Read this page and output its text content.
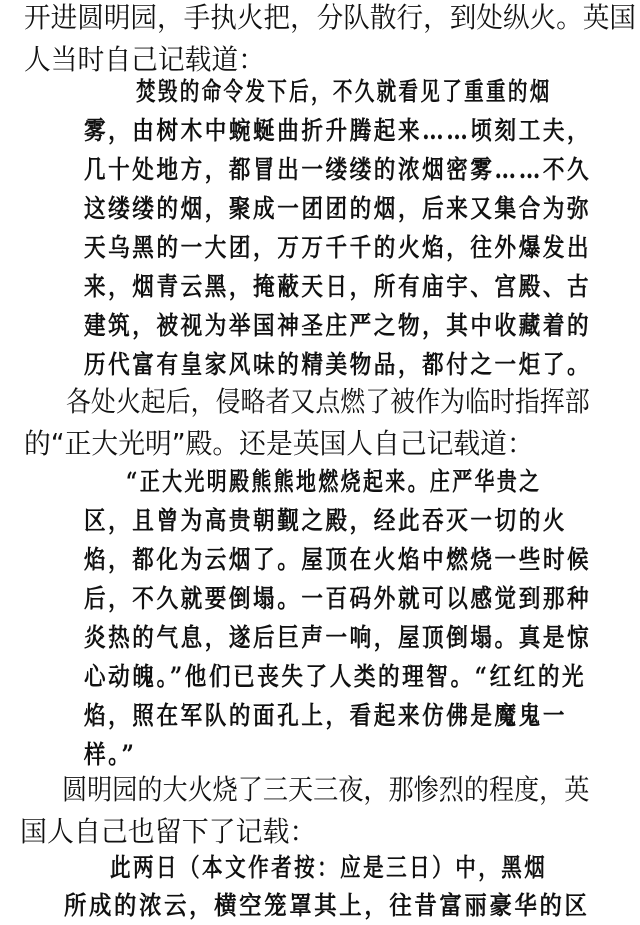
开进圆明园，手执火把，分队散行，到处纵火。英国
人当时自己记载道：
焚毁的命令发下后，不久就看见了重重的烟
雾，由树木中蜿蜒曲折升腾起来……顷刻工夫，
几十处地方，都冒出一缕缕的浓烟密雾……不久
这缕缕的烟，聚成一团团的烟，后来又集合为弥
天乌黑的一大团，万万千千的火焰，往外爆发出
来，烟青云黑，掩蔽天日，所有庙宇、宫殿、古
建筑，被视为举国神圣庄严之物，其中收藏着的
历代富有皇家风味的精美物品，都付之一炬了。
各处火起后，侵略者又点燃了被作为临时指挥部
的“正大光明”殿。还是英国人自己记载道：
“正大光明殿熊熊地燃烧起来。庄严华贵之
区，且曾为高贵朝觐之殿，经此吞灭一切的火
焰，都化为云烟了。屋顶在火焰中燃烧一些时候
后，不久就要倒塌。一百码外就可以感觉到那种
炎热的气息，遂后巨声一响，屋顶倒塌。真是惊
心动魄。”他们已丧失了人类的理智。“红红的光
焰，照在军队的面孔上，看起来仿佛是魔鬼一
样。”
圆明园的大火烧了三天三夜，那惨烈的程度，英
国人自己也留下了记载：
此两日（本文作者按：应是三日）中，黑烟
所成的浓云，横空笼罩其上，往昔富丽豪华的区
